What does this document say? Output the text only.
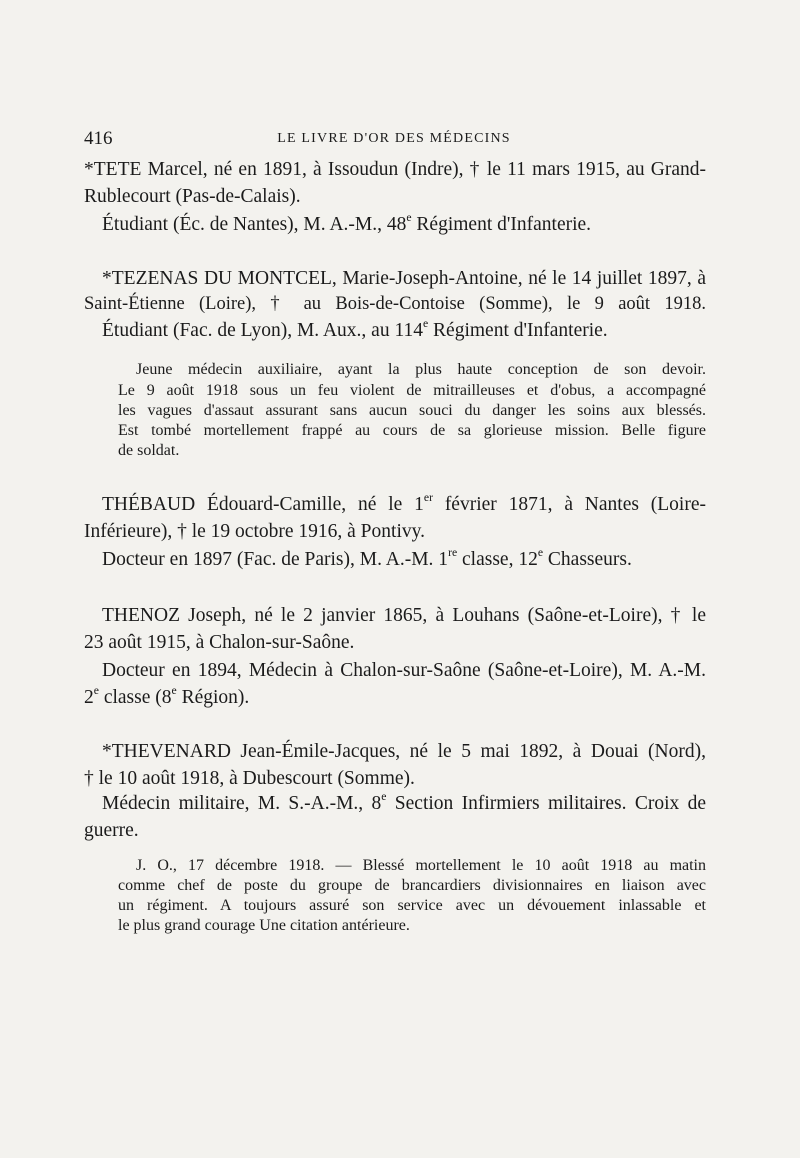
416	LE LIVRE D'OR DES MÉDECINS
*TETE Marcel, né en 1891, à Issoudun (Indre), † le 11 mars 1915, au Grand-
Rublecourt (Pas-de-Calais).
Étudiant (Éc. de Nantes), M. A.-M., 48e Régiment d'Infanterie.
*TEZENAS DU MONTCEL, Marie-Joseph-Antoine, né le 14 juillet 1897, à
Saint-Étienne (Loire), † au Bois-de-Contoise (Somme), le 9 août 1918.
Étudiant (Fac. de Lyon), M. Aux., au 114e Régiment d'Infanterie.
Jeune médecin auxiliaire, ayant la plus haute conception de son devoir.
Le 9 août 1918 sous un feu violent de mitrailleuses et d'obus, a accompagné
les vagues d'assaut assurant sans aucun souci du danger les soins aux blessés.
Est tombé mortellement frappé au cours de sa glorieuse mission. Belle figure
de soldat.
THÉBAUD Édouard-Camille, né le 1er février 1871, à Nantes (Loire-
Inférieure), † le 19 octobre 1916, à Pontivy.
Docteur en 1897 (Fac. de Paris), M. A.-M. 1re classe, 12e Chasseurs.
THENOZ Joseph, né le 2 janvier 1865, à Louhans (Saône-et-Loire), † le
23 août 1915, à Chalon-sur-Saône.
Docteur en 1894, Médecin à Chalon-sur-Saône (Saône-et-Loire), M. A.-M.
2e classe (8e Région).
*THEVENARD Jean-Émile-Jacques, né le 5 mai 1892, à Douai (Nord),
† le 10 août 1918, à Dubescourt (Somme).
Médecin militaire, M. S.-A.-M., 8e Section Infirmiers militaires. Croix de
guerre.
J. O., 17 décembre 1918. — Blessé mortellement le 10 août 1918 au matin
comme chef de poste du groupe de brancardiers divisionnaires en liaison avec
un régiment. A toujours assuré son service avec un dévouement inlassable et
le plus grand courage Une citation antérieure.
